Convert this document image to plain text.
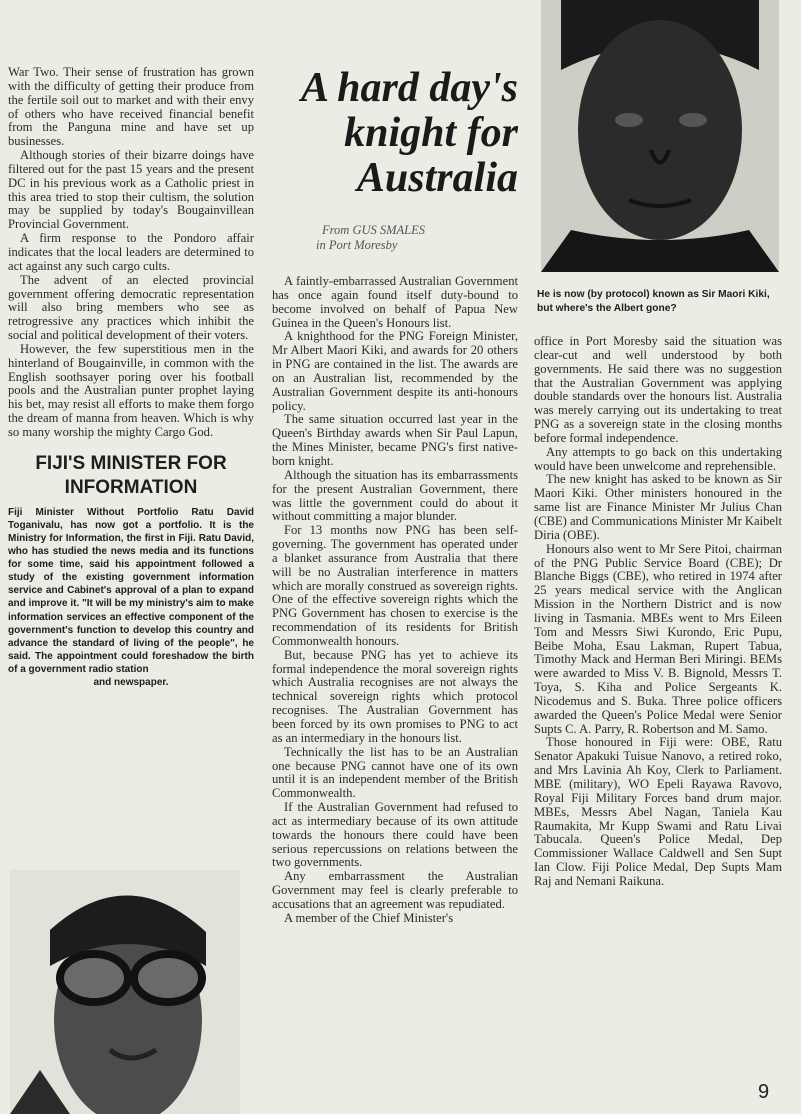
War Two. Their sense of frustration has grown with the difficulty of getting their produce from the fertile soil out to market and with their envy of others who have received financial benefit from the Panguna mine and have set up businesses.

Although stories of their bizarre doings have filtered out for the past 15 years and the present DC in his previous work as a Catholic priest in this area tried to stop their cultism, the solution may be supplied by today's Bougainvillean Provincial Government.

A firm response to the Pondoro affair indicates that the local leaders are determined to act against any such cargo cults.

The advent of an elected provincial government offering democratic representation will also bring members who see as retrogressive any practices which inhibit the social and political development of their voters.

However, the few superstitious men in the hinterland of Bougainville, in common with the English soothsayer poring over his football pools and the Australian punter prophet laying his bet, may resist all efforts to make them forgo the dream of manna from heaven. Which is why so many worship the mighty Cargo God.

FIJI'S MINISTER FOR INFORMATION

Fiji Minister Without Portfolio Ratu David Toganivalu, has now got a portfolio. It is the Ministry for Information, the first in Fiji. Ratu David, who has studied the news media and its functions for some time, said his appointment followed a study of the existing government information service and Cabinet's approval of a plan to expand and improve it. "It will be my ministry's aim to make information services an effective component of the government's function to develop this country and advance the standard of living of the people", he said. The appointment could foreshadow the birth of a government radio station
and newspaper.

A hard day's knight for Australia
From GUS SMALES
in Port Moresby

A faintly-embarrassed Australian Government has once again found itself duty-bound to become involved on behalf of Papua New Guinea in the Queen's Honours list.

A knighthood for the PNG Foreign Minister, Mr Albert Maori Kiki, and awards for 20 others in PNG are contained in the list. The awards are on an Australian list, recommended by the Australian Government despite its anti-honours policy.

The same situation occurred last year in the Queen's Birthday awards when Sir Paul Lapun, the Mines Minister, became PNG's first native-born knight.

Although the situation has its embarrassments for the present Australian Government, there was little the government could do about it without committing a major blunder.

For 13 months now PNG has been self-governing. The government has operated under a blanket assurance from Australia that there will be no Australian interference in matters which are morally construed as sovereign rights. One of the effective sovereign rights which the PNG Government has chosen to exercise is the recommendation of its residents for British Commonwealth honours.

But, because PNG has yet to achieve its formal independence the moral sovereign rights which Australia recognises are not always the technical sovereign rights which protocol recognises. The Australian Government has been forced by its own promises to PNG to act as an intermediary in the honours list.

Technically the list has to be an Australian one because PNG cannot have one of its own until it is an independent member of the British Commonwealth.

If the Australian Government had refused to act as intermediary because of its own attitude towards the honours there could have been serious repercussions on relations between the two governments.

Any embarrassment the Australian Government may feel is clearly preferable to accusations that an agreement was repudiated.

A member of the Chief Minister's

He is now (by protocol) known as Sir Maori Kiki, but where's the Albert gone?

office in Port Moresby said the situation was clear-cut and well understood by both governments. He said there was no suggestion that the Australian Government was applying double standards over the honours list. Australia was merely carrying out its undertaking to treat PNG as a sovereign state in the closing months before formal independence.

Any attempts to go back on this undertaking would have been unwelcome and reprehensible.

The new knight has asked to be known as Sir Maori Kiki. Other ministers honoured in the same list are Finance Minister Mr Julius Chan (CBE) and Communications Minister Mr Kaibelt Diria (OBE).

Honours also went to Mr Sere Pitoi, chairman of the PNG Public Service Board (CBE); Dr Blanche Biggs (CBE), who retired in 1974 after 25 years medical service with the Anglican Mission in the Northern District and is now living in Tasmania. MBEs went to Mrs Eileen Tom and Messrs Siwi Kurondo, Eric Pupu, Beibe Moha, Esau Lakman, Rupert Tabua, Timothy Mack and Herman Beri Miringi. BEMs were awarded to Miss V. B. Bignold, Messrs T. Toya, S. Kiha and Police Sergeants K. Nicodemus and S. Buka. Three police officers awarded the Queen's Police Medal were Senior Supts C. A. Parry, R. Robertson and M. Samo.

Those honoured in Fiji were: OBE, Ratu Senator Apakuki Tuisue Nanovo, a retired roko, and Mrs Lavinia Ah Koy, Clerk to Parliament. MBE (military), WO Epeli Rayawa Ravovo, Royal Fiji Military Forces band drum major. MBEs, Messrs Abel Nagan, Taniela Kau Raumakita, Mr Kupp Swami and Ratu Livai Tabucala. Queen's Police Medal, Dep Commissioner Wallace Caldwell and Sen Supt Ian Clow. Fiji Police Medal, Dep Supts Mam Raj and Nemani Raikuna.

9
